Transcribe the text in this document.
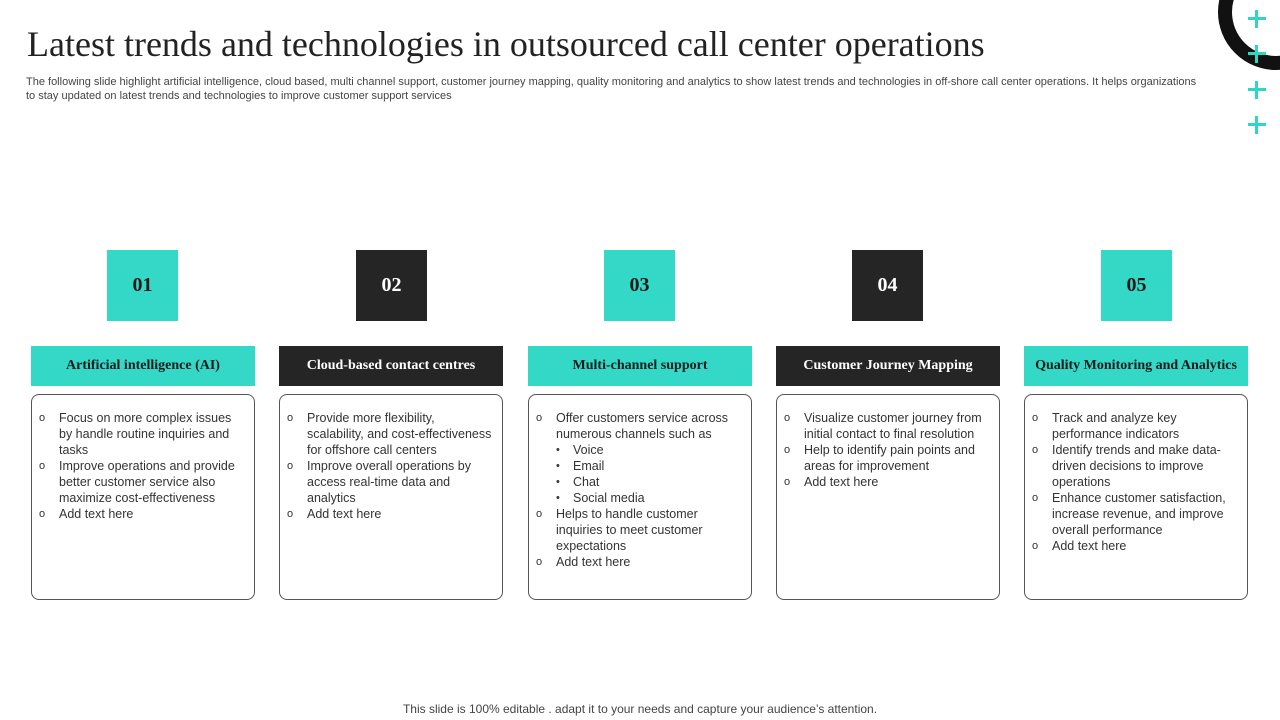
Latest trends and technologies in outsourced call center operations

The following slide highlight artificial intelligence, cloud based, multi channel support, customer journey mapping, quality monitoring and analytics to show latest trends and technologies in off-shore call center operations. It helps organizations to stay updated on latest trends and technologies to improve customer support services

01
Artificial intelligence (AI)
o Focus on more complex issues by handle routine inquiries and tasks
o Improve operations and provide better customer service also maximize cost-effectiveness
o Add text here
02
Cloud-based contact centres
o Provide more flexibility, scalability, and cost-effectiveness for offshore call centers
o Improve overall operations by access real-time data and analytics
o Add text here
03
Multi-channel support
o Offer customers service across numerous channels such as
• Voice
• Email
• Chat
• Social media
o Helps to handle customer inquiries to meet customer expectations
o Add text here
04
Customer Journey Mapping
o Visualize customer journey from initial contact to final resolution
o Help to identify pain points and areas for improvement
o Add text here
05
Quality Monitoring and Analytics
o Track and analyze key performance indicators
o Identify trends and make data-driven decisions to improve operations
o Enhance customer satisfaction, increase revenue, and improve overall performance
o Add text here
This slide is 100% editable . adapt it to your needs and capture your audience’s attention.
